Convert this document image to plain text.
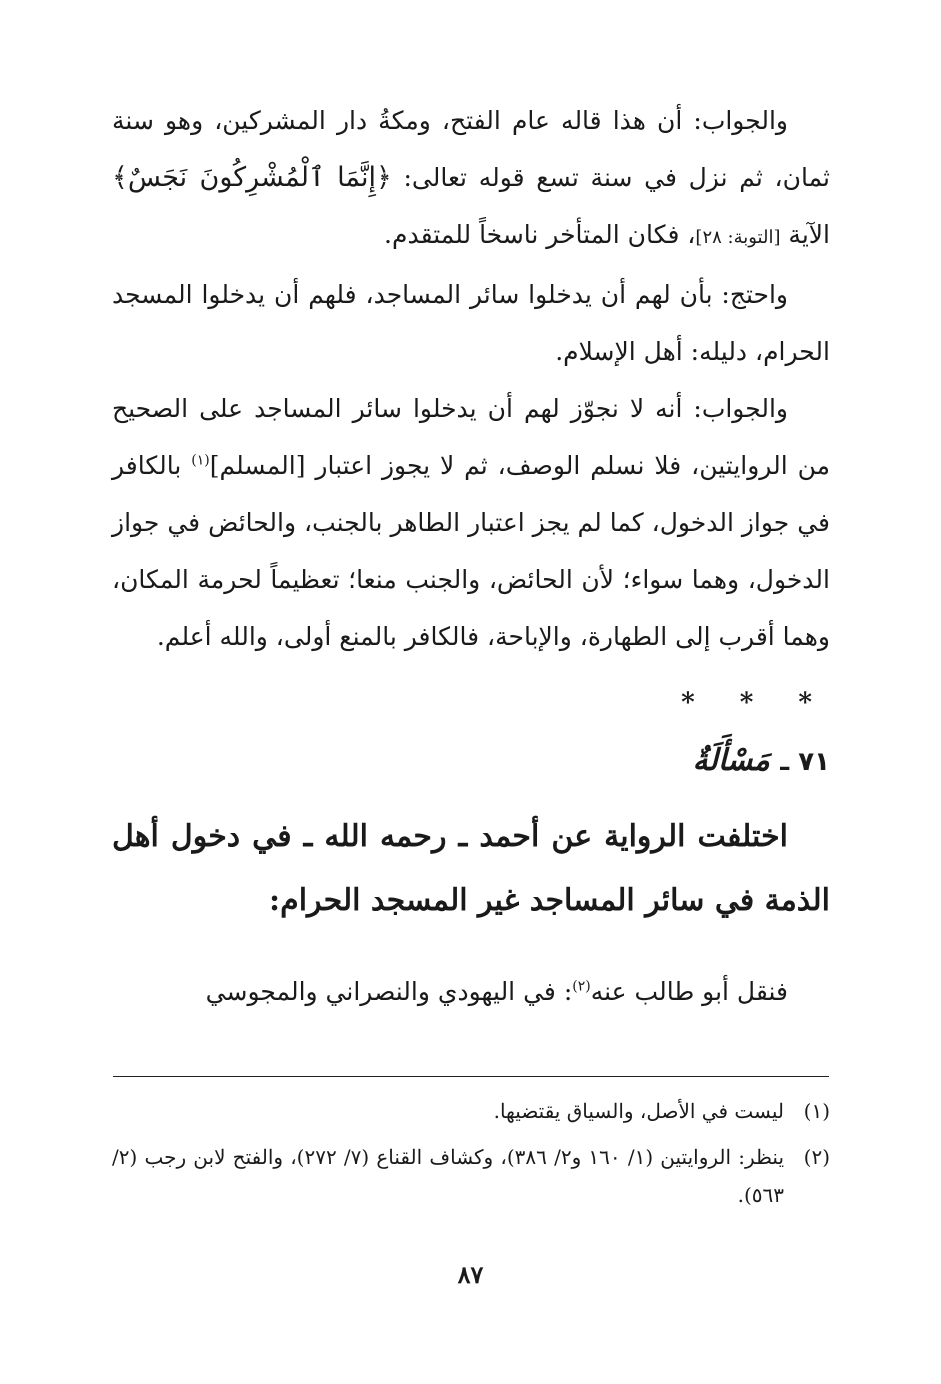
والجواب: أن هذا قاله عام الفتح، ومكةُ دار المشركين، وهو سنة ثمان، ثم نزل في سنة تسع قوله تعالى: ﴿إِنَّمَا ٱلْمُشْرِكُونَ نَجَسٌ﴾ الآية [التوبة: ٢٨]، فكان المتأخر ناسخاً للمتقدم.

واحتج: بأن لهم أن يدخلوا سائر المساجد، فلهم أن يدخلوا المسجد الحرام، دليله: أهل الإسلام.

والجواب: أنه لا نجوّز لهم أن يدخلوا سائر المساجد على الصحيح من الروايتين، فلا نسلم الوصف، ثم لا يجوز اعتبار [المسلم]$^{(١)}$ بالكافر في جواز الدخول، كما لم يجز اعتبار الطاهر بالجنب، والحائض في جواز الدخول، وهما سواء؛ لأن الحائض، والجنب منعا؛ تعظيماً لحرمة المكان، وهما أقرب إلى الطهارة، والإباحة، فالكافر بالمنع أولى، والله أعلم.

* * *
٧١ ـ مَسْأَلَةٌ

اختلفت الرواية عن أحمد ـ رحمه الله ـ في دخول أهل الذمة في سائر المساجد غير المسجد الحرام:

فنقل أبو طالب عنه$^{(٢)}$: في اليهودي والنصراني والمجوسي

(١)
ليست في الأصل، والسياق يقتضيها.
(٢)
ينظر: الروايتين (١/ ١٦٠ و٢/ ٣٨٦)، وكشاف القناع (٧/ ٢٧٢)، والفتح لابن رجب (٢/ ٥٦٣).
٨٧
